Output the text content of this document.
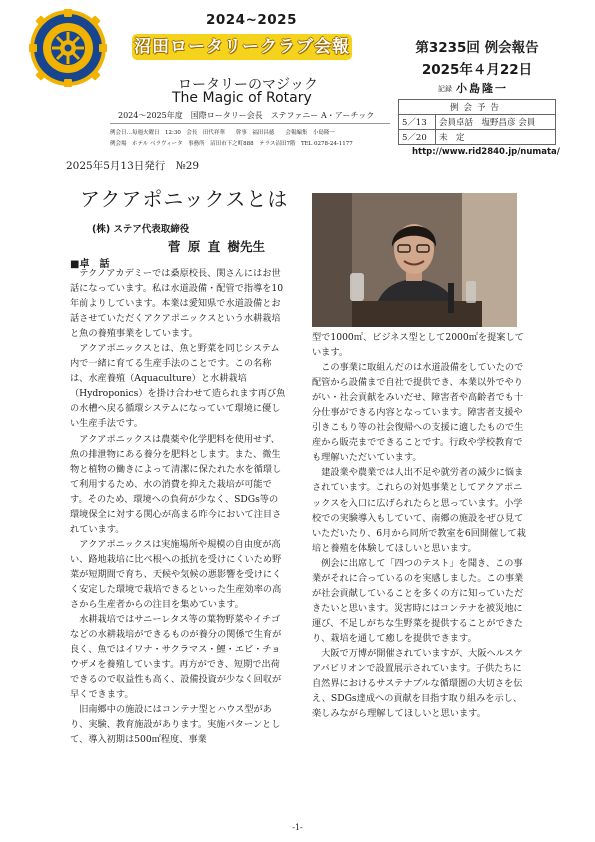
2024~2025
沼田ロータリークラブ会報
ロータリーのマジック
The Magic of Rotary
2024〜2025年度　国際ロータリー会長　ステファニー A・アーチック
例会日…毎週火曜日　12:30　会長　田代祥華　　幹事　福田昌徳　　会報編集　小島隆一
例会場　ホテル ベラヴィータ　事務所　沼田市下之町888　テラス沼田7階　TEL 0278-24-1177
第3235回 例会報告
2025年４月22日
記録 小島隆一
例会予告	
5／13	会員卓話　塩野昌彦 会員
5／20	未　定
http://www.rid2840.jp/numata/
2025年5月13日発行　№29
アクアポニックスとは
(株) ステア代表取締役
菅 原 直 樹先生
■卓　話

テクノアカデミーでは桑原校長、関さんにはお世話になっています。私は水道設備・配管で指導を10年前よりしています。本業は愛知県で水道設備とお話させていただくアクアポニックスという水耕栽培と魚の養殖事業をしています。

アクアポニックスとは、魚と野菜を同じシステム内で一緒に育てる生産手法のことです。この名称は、水産養殖（Aquaculture）と水耕栽培（Hydroponics）を掛け合わせて造られます再び魚の水槽へ戻る循環システムになっていて環境に優しい生産手法です。

アクアポニックスは農薬や化学肥料を使用せず、魚の排泄物にある養分を肥料とします。また、微生物と植物の働きによって清潔に保たれた水を循環して利用するため、水の消費を抑えた栽培が可能です。そのため、環境への負荷が少なく、SDGs等の環境保全に対する関心が高まる昨今において注目されています。

アクアポニックスは実施場所や規模の自由度が高い、路地栽培に比べ根への抵抗を受けにくいため野菜が短期間で育ち、天候や気候の悪影響を受けにくく安定した環境で栽培できるといった生産効率の高さから生産者からの注目を集めています。

水耕栽培ではサニーレタス等の葉物野菜やイチゴなどの水耕栽培ができるものが養分の関係で生育が良く、魚ではイワナ・サクラマス・鯉・エビ・チョウザメを養殖しています。再方ができ、短期で出荷できるので収益性も高く、設備投資が少なく回収が早くできます。

旧南郷中の施設にはコンテナ型とハウス型があり、実験、教育施設があります。実施パターンとして、導入初期は500㎡程度、事業

型で1000㎡、ビジネス型として2000㎡を提案しています。

この事業に取組んだのは水道設備をしていたので配管から設備まで自社で提供でき、本業以外でやりがい・社会貢献をみいだせ、障害者や高齢者でも十分仕事ができる内容となっています。障害者支援や引きこもり等の社会復帰への支援に適したもので生産から販売までできることです。行政や学校教育でも理解いただいています。

建設業や農業では人出不足や就労者の減少に悩まされています。これらの対処事業としてアクアポニックスを入口に広げられたらと思っています。小学校での実験導入もしていて、南郷の施設をぜひ見ていただいたり、6月から同所で教室を6回開催して栽培と養殖を体験してほしいと思います。

例会に出席して「四つのテスト」を聞き、この事業がそれに合っているのを実感しました。この事業が社会貢献していることを多くの方に知っていただきたいと思います。災害時にはコンテナを被災地に運び、不足しがちな生野菜を提供することができたり、栽培を通して癒しを提供できます。

大阪で万博が開催されていますが、大阪ヘルスケアパビリオンで設置展示されています。子供たちに自然界におけるサステナブルな循環圏の大切さを伝え、SDGs達成への貢献を目指す取り組みを示し、楽しみながら理解してほしいと思います。

-1-
